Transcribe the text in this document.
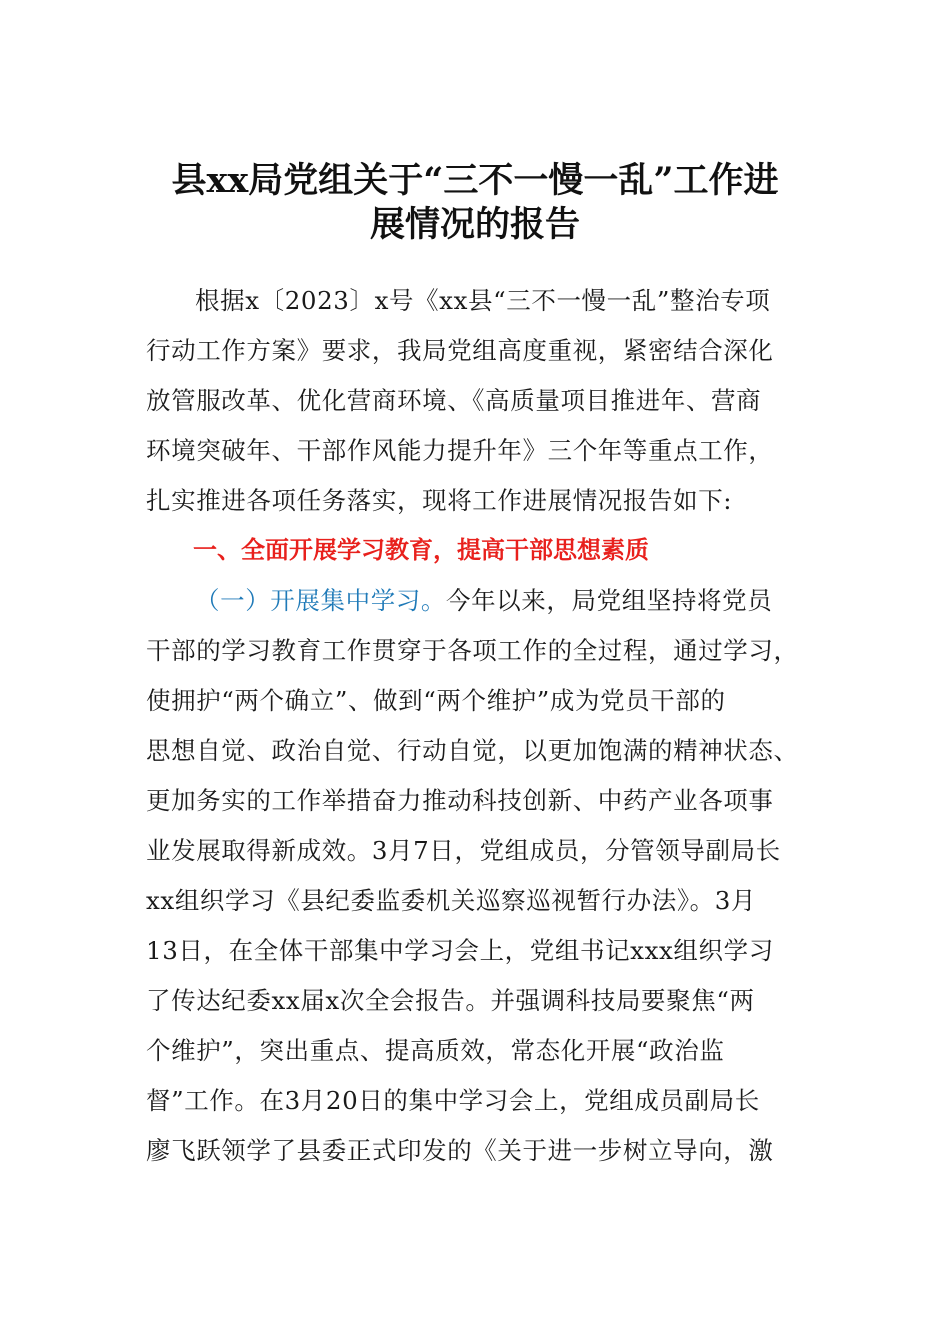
县xx局党组关于“三不一慢一乱”工作进
展情况的报告
根据x〔2023〕x号《xx县“三不一慢一乱”整治专项
行动工作方案》要求，我局党组高度重视，紧密结合深化
放管服改革、优化营商环境、《高质量项目推进年、营商
环境突破年、干部作风能力提升年》三个年等重点工作，
扎实推进各项任务落实，现将工作进展情况报告如下:
一、全面开展学习教育，提高干部思想素质
（一）开展集中学习。今年以来，局党组坚持将党员
干部的学习教育工作贯穿于各项工作的全过程，通过学习，
使拥护“两个确立”、做到“两个维护”成为党员干部的
思想自觉、政治自觉、行动自觉，以更加饱满的精神状态、
更加务实的工作举措奋力推动科技创新、中药产业各项事
业发展取得新成效。3月7日，党组成员，分管领导副局长
xx组织学习《县纪委监委机关巡察巡视暂行办法》。3月
13日，在全体干部集中学习会上，党组书记xxx组织学习
了传达纪委xx届x次全会报告。并强调科技局要聚焦“两
个维护”，突出重点、提高质效，常态化开展“政治监
督”工作。在3月20日的集中学习会上，党组成员副局长
廖飞跃领学了县委正式印发的《关于进一步树立导向，激
